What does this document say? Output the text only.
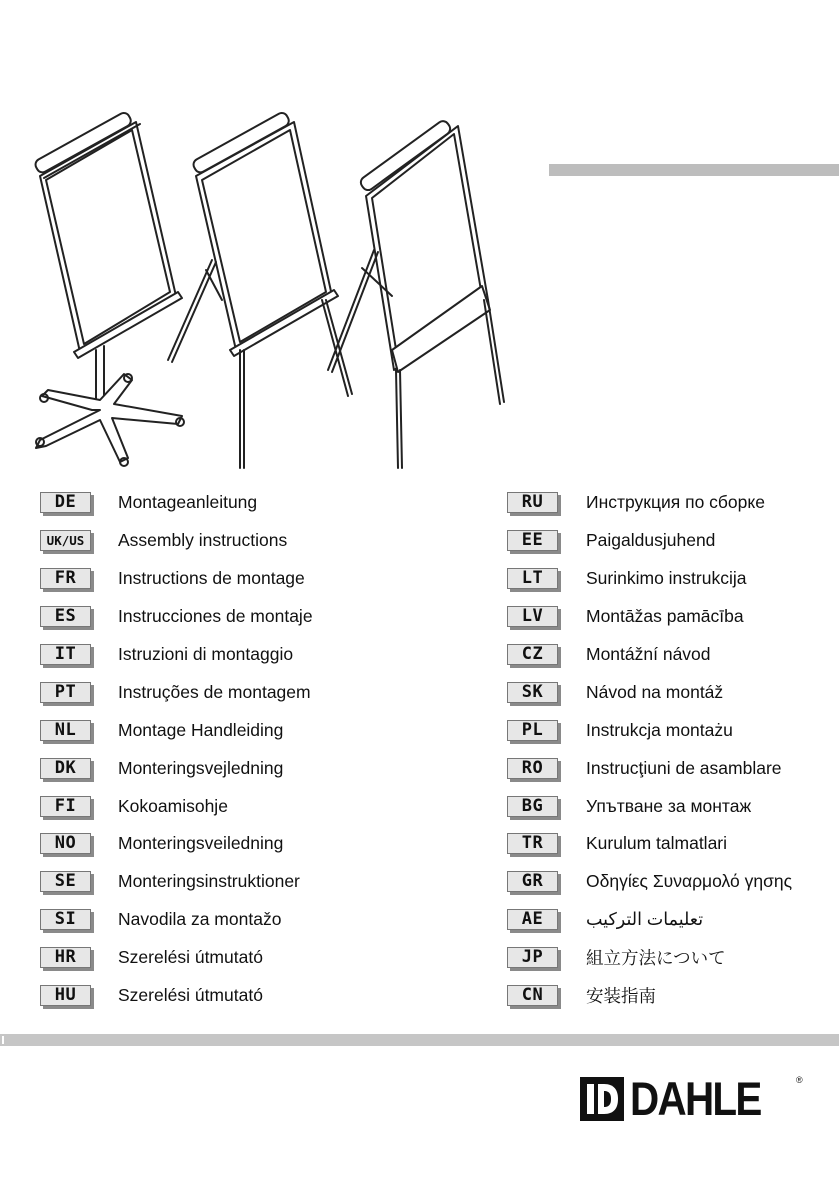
DE	Montageanleitung
UK/US	Assembly instructions
FR	Instructions de montage
ES	Instrucciones de montaje
IT	Istruzioni di montaggio
PT	Instruções de montagem
NL	Montage Handleiding
DK	Monteringsvejledning
FI	Kokoamisohje
NO	Monteringsveiledning
SE	Monteringsinstruktioner
SI	Navodila za montažo
HR	Szerelési útmutató
HU	Szerelési útmutató
RU	Инструкция по сборке
EE	Paigaldusjuhend
LT	Surinkimo instrukcija
LV	Montāžas pamācība
CZ	Montážní návod
SK	Návod na montáž
PL	Instrukcja montażu
RO	Instrucţiuni de asamblare
BG	Упътване за монтаж
TR	Kurulum talmatlari
GR	Οδηγίες Συναρμολό γησης
AE	تعليمات التركيب
JP	組立方法について
CN	安装指南
DAHLE	®
